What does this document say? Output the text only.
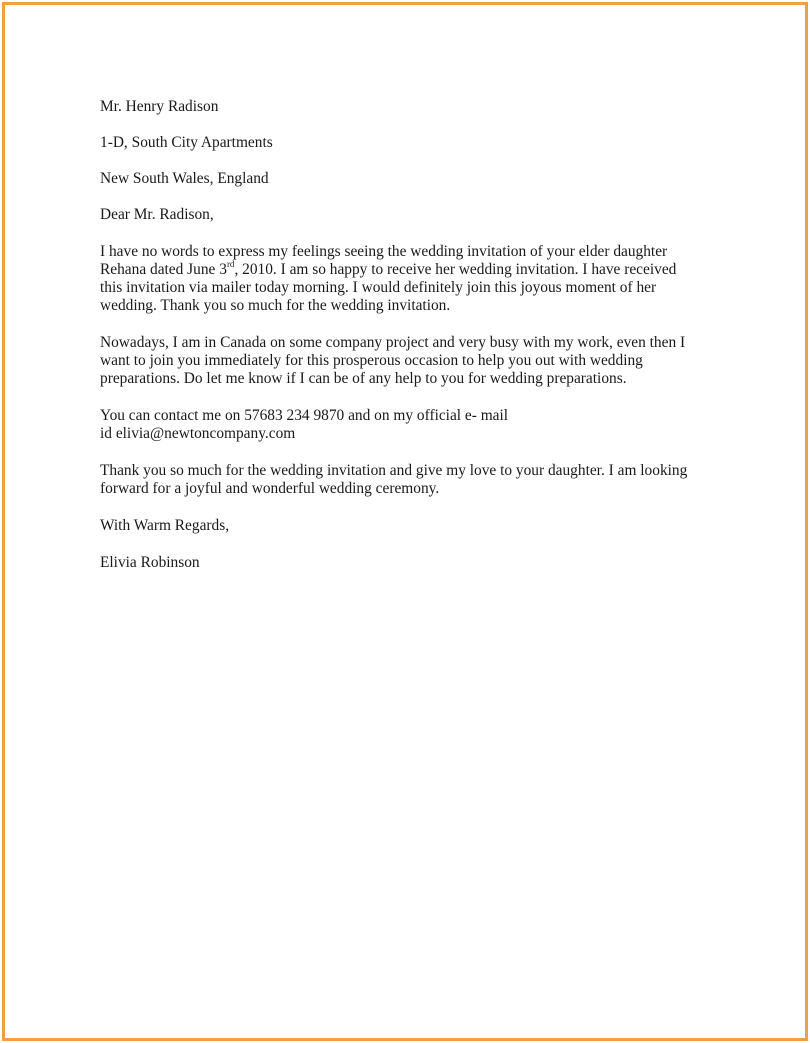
Mr. Henry Radison
1-D, South City Apartments
New South Wales, England
Dear Mr. Radison,
I have no words to express my feelings seeing the wedding invitation of your elder daughter
Rehana dated June 3rd, 2010. I am so happy to receive her wedding invitation. I have received
this invitation via mailer today morning. I would definitely join this joyous moment of her
wedding. Thank you so much for the wedding invitation.
Nowadays, I am in Canada on some company project and very busy with my work, even then I
want to join you immediately for this prosperous occasion to help you out with wedding
preparations. Do let me know if I can be of any help to you for wedding preparations.
You can contact me on 57683 234 9870 and on my official e- mail
id elivia@newtoncompany.com
Thank you so much for the wedding invitation and give my love to your daughter. I am looking
forward for a joyful and wonderful wedding ceremony.
With Warm Regards,
Elivia Robinson
